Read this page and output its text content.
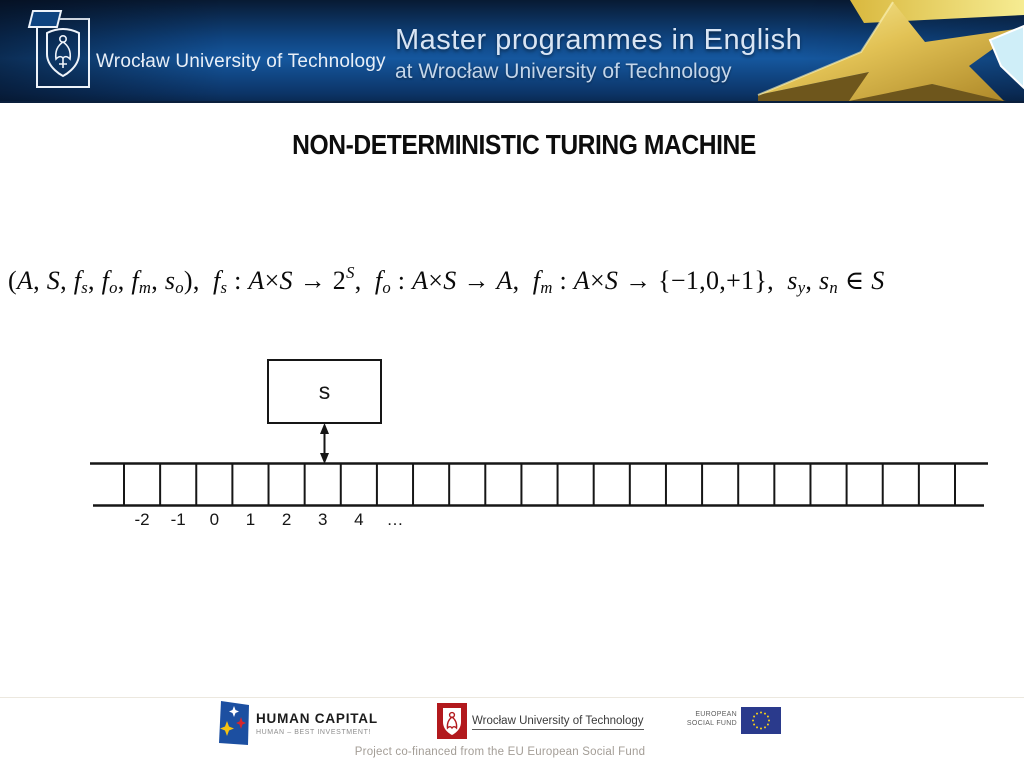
Wrocław University of Technology
Master programmes in English
at Wrocław University of Technology
NON-DETERMINISTIC TURING MACHINE
(A, S, fs, fo, fm, so),  fs : $A\times S \to 2^S$,  fo : A×S → A,  fm : A×S → {−1,0,+1},  sy, sn ∈ S
s
-2 -1 0 1 2 3 4 …
HUMAN CAPITAL
HUMAN – BEST INVESTMENT!
Wrocław University of Technology
EUROPEAN
SOCIAL FUND
Project co-financed from the EU European Social Fund
